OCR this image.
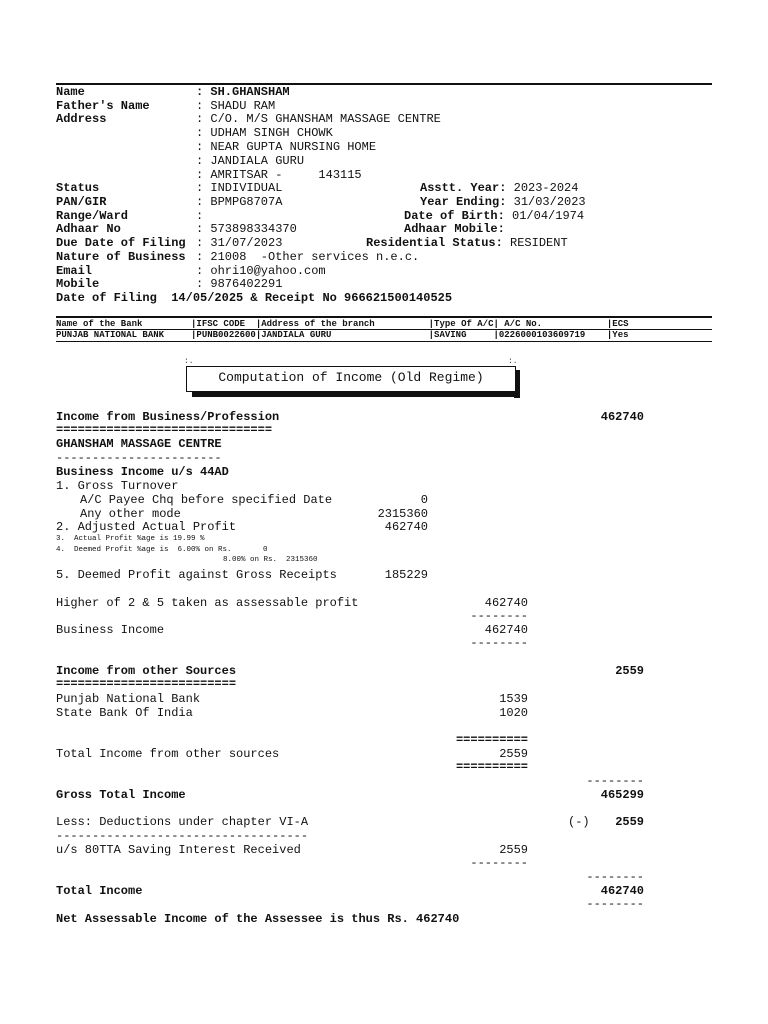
Name	: SH.GHANSHAM
Father's Name	: SHADU RAM
Address	: C/O. M/S GHANSHAM MASSAGE CENTRE
: UDHAM SINGH CHOWK
: NEAR GUPTA NURSING HOME
: JANDIALA GURU
: AMRITSAR -     143115
Status	: INDIVIDUAL	Asstt. Year: 2023-2024
PAN/GIR	: BPMPG8707A	Year Ending: 31/03/2023
Range/Ward	:	Date of Birth: 01/04/1974
Adhaar No	: 573898334370	Adhaar Mobile:
Due Date of Filing : 31/07/2023	Residential Status: RESIDENT
Nature of Business : 21008  -Other services n.e.c.
Email	: ohri10@yahoo.com
Mobile	: 9876402291
Date of Filing  14/05/2025 & Receipt No 966621500140525
Name of the Bank         |IFSC CODE  |Address of the branch          |Type Of A/C| A/C No.            |ECS
PUNJAB NATIONAL BANK     |PUNB0022600|JANDIALA GURU                  |SAVING     |0226000103609719    |Yes
:.	:.
Computation of Income (Old Regime)
Income from Business/Profession	462740
==============================
GHANSHAM MASSAGE CENTRE
-----------------------
Business Income u/s 44AD
1. Gross Turnover
A/C Payee Chq before specified Date	0
Any other mode	2315360
2. Adjusted Actual Profit	462740
3.  Actual Profit %age is 19.99 %
4.  Deemed Profit %age is  6.00% on Rs.       0
8.00% on Rs.  2315360
5. Deemed Profit against Gross Receipts	185229
Higher of 2 & 5 taken as assessable profit	462740
--------
Business Income	462740
--------
Income from other Sources	2559
=========================
Punjab National Bank	1539
State Bank Of India	1020
==========
Total Income from other sources	2559
==========
--------
Gross Total Income	465299
Less: Deductions under chapter VI-A	(-)	2559
-----------------------------------
u/s 80TTA Saving Interest Received	2559
--------
--------
Total Income	462740
--------
Net Assessable Income of the Assessee is thus Rs. 462740
